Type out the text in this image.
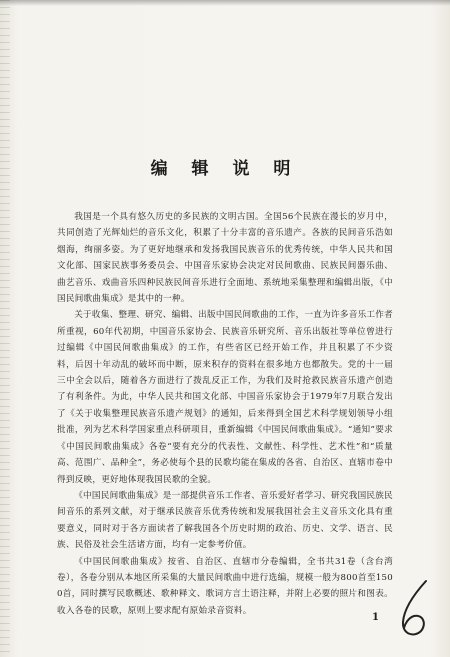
编 辑 说 明

我国是一个具有悠久历史的多民族的文明古国。全国56个民族在漫长的岁月中，共同创造了光辉灿烂的音乐文化，积累了十分丰富的音乐遗产。各族的民间音乐浩如烟海，绚丽多姿。为了更好地继承和发扬我国民族音乐的优秀传统，中华人民共和国文化部、国家民族事务委员会、中国音乐家协会决定对民间歌曲、民族民间器乐曲、曲艺音乐、戏曲音乐四种民族民间音乐进行全面地、系统地采集整理和编辑出版，《中国民间歌曲集成》是其中的一种。

关于收集、整理、研究、编辑、出版中国民间歌曲的工作，一直为许多音乐工作者所重视，60年代初期，中国音乐家协会、民族音乐研究所、音乐出版社等单位曾进行过编辑《中国民间歌曲集成》的工作，有些省区已经开始工作，并且积累了不少资料，后因十年动乱的破坏而中断，原来积存的资料在很多地方也都散失。党的十一届三中全会以后，随着各方面进行了拨乱反正工作，为我们及时抢救民族音乐遗产创造了有利条件。为此，中华人民共和国文化部、中国音乐家协会于1979年7月联合发出了《关于收集整理民族音乐遗产规划》的通知，后来得到全国艺术科学规划领导小组批准，列为艺术科学国家重点科研项目，重新编辑《中国民间歌曲集成》。“通知”要求《中国民间歌曲集成》各卷“要有充分的代表性、文献性、科学性、艺术性”和“质量高、范围广、品种全”，务必使每个县的民歌均能在集成的各省、自治区、直辖市卷中得到反映，更好地体现我国民歌的全貌。

《中国民间歌曲集成》是一部提供音乐工作者、音乐爱好者学习、研究我国民族民间音乐的系列文献，对于继承民族音乐优秀传统和发展我国社会主义音乐文化具有重要意义，同时对于各方面读者了解我国各个历史时期的政治、历史、文学、语言、民族、民俗及社会生活诸方面，均有一定参考价值。

《中国民间歌曲集成》按省、自治区、直辖市分卷编辑，全书共31卷（含台湾卷），各卷分别从本地区所采集的大量民间歌曲中进行选编，规模一般为800首至1500首，同时撰写民歌概述、歌种释文、歌词方言土语注释，并附上必要的照片和图表。收入各卷的民歌，原则上要求配有原始录音资料。

1
